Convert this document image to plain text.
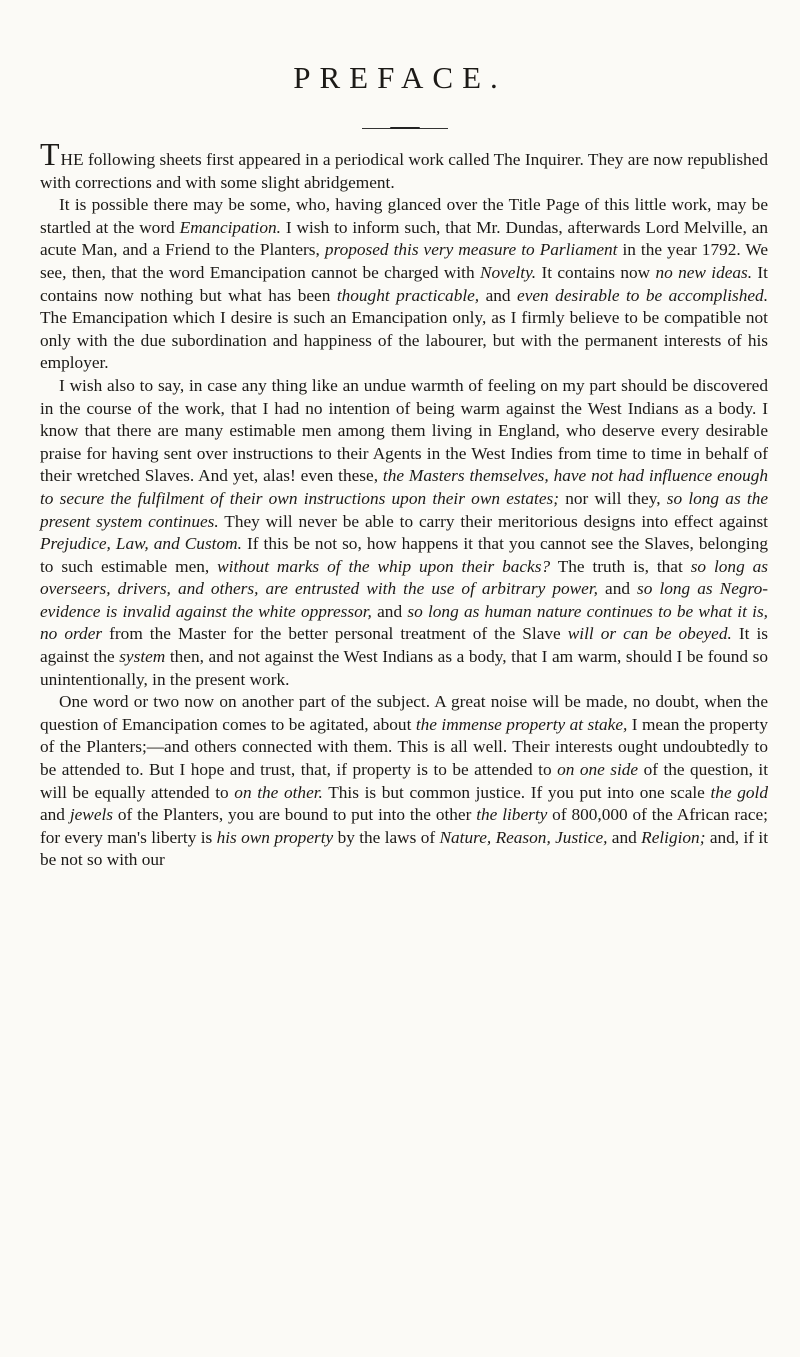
PREFACE.

THE following sheets first appeared in a periodical work called The Inquirer. They are now republished with corrections and with some slight abridgement.

It is possible there may be some, who, having glanced over the Title Page of this little work, may be startled at the word Emancipation. I wish to inform such, that Mr. Dundas, afterwards Lord Melville, an acute Man, and a Friend to the Planters, proposed this very measure to Parliament in the year 1792. We see, then, that the word Emancipation cannot be charged with Novelty. It contains now no new ideas. It contains now nothing but what has been thought practicable, and even desirable to be accomplished. The Emancipation which I desire is such an Emancipation only, as I firmly believe to be compatible not only with the due subordination and happiness of the labourer, but with the permanent interests of his employer.

I wish also to say, in case any thing like an undue warmth of feeling on my part should be discovered in the course of the work, that I had no intention of being warm against the West Indians as a body. I know that there are many estimable men among them living in England, who deserve every desirable praise for having sent over instructions to their Agents in the West Indies from time to time in behalf of their wretched Slaves. And yet, alas! even these, the Masters themselves, have not had influence enough to secure the fulfilment of their own instructions upon their own estates; nor will they, so long as the present system continues. They will never be able to carry their meritorious designs into effect against Prejudice, Law, and Custom. If this be not so, how happens it that you cannot see the Slaves, belonging to such estimable men, without marks of the whip upon their backs? The truth is, that so long as overseers, drivers, and others, are entrusted with the use of arbitrary power, and so long as Negro-evidence is invalid against the white oppressor, and so long as human nature continues to be what it is, no order from the Master for the better personal treatment of the Slave will or can be obeyed. It is against the system then, and not against the West Indians as a body, that I am warm, should I be found so unintentionally, in the present work.

One word or two now on another part of the subject. A great noise will be made, no doubt, when the question of Emancipation comes to be agitated, about the immense property at stake, I mean the property of the Planters;—and others connected with them. This is all well. Their interests ought undoubtedly to be attended to. But I hope and trust, that, if property is to be attended to on one side of the question, it will be equally attended to on the other. This is but common justice. If you put into one scale the gold and jewels of the Planters, you are bound to put into the other the liberty of 800,000 of the African race; for every man's liberty is his own property by the laws of Nature, Reason, Justice, and Religion; and, if it be not so with our
